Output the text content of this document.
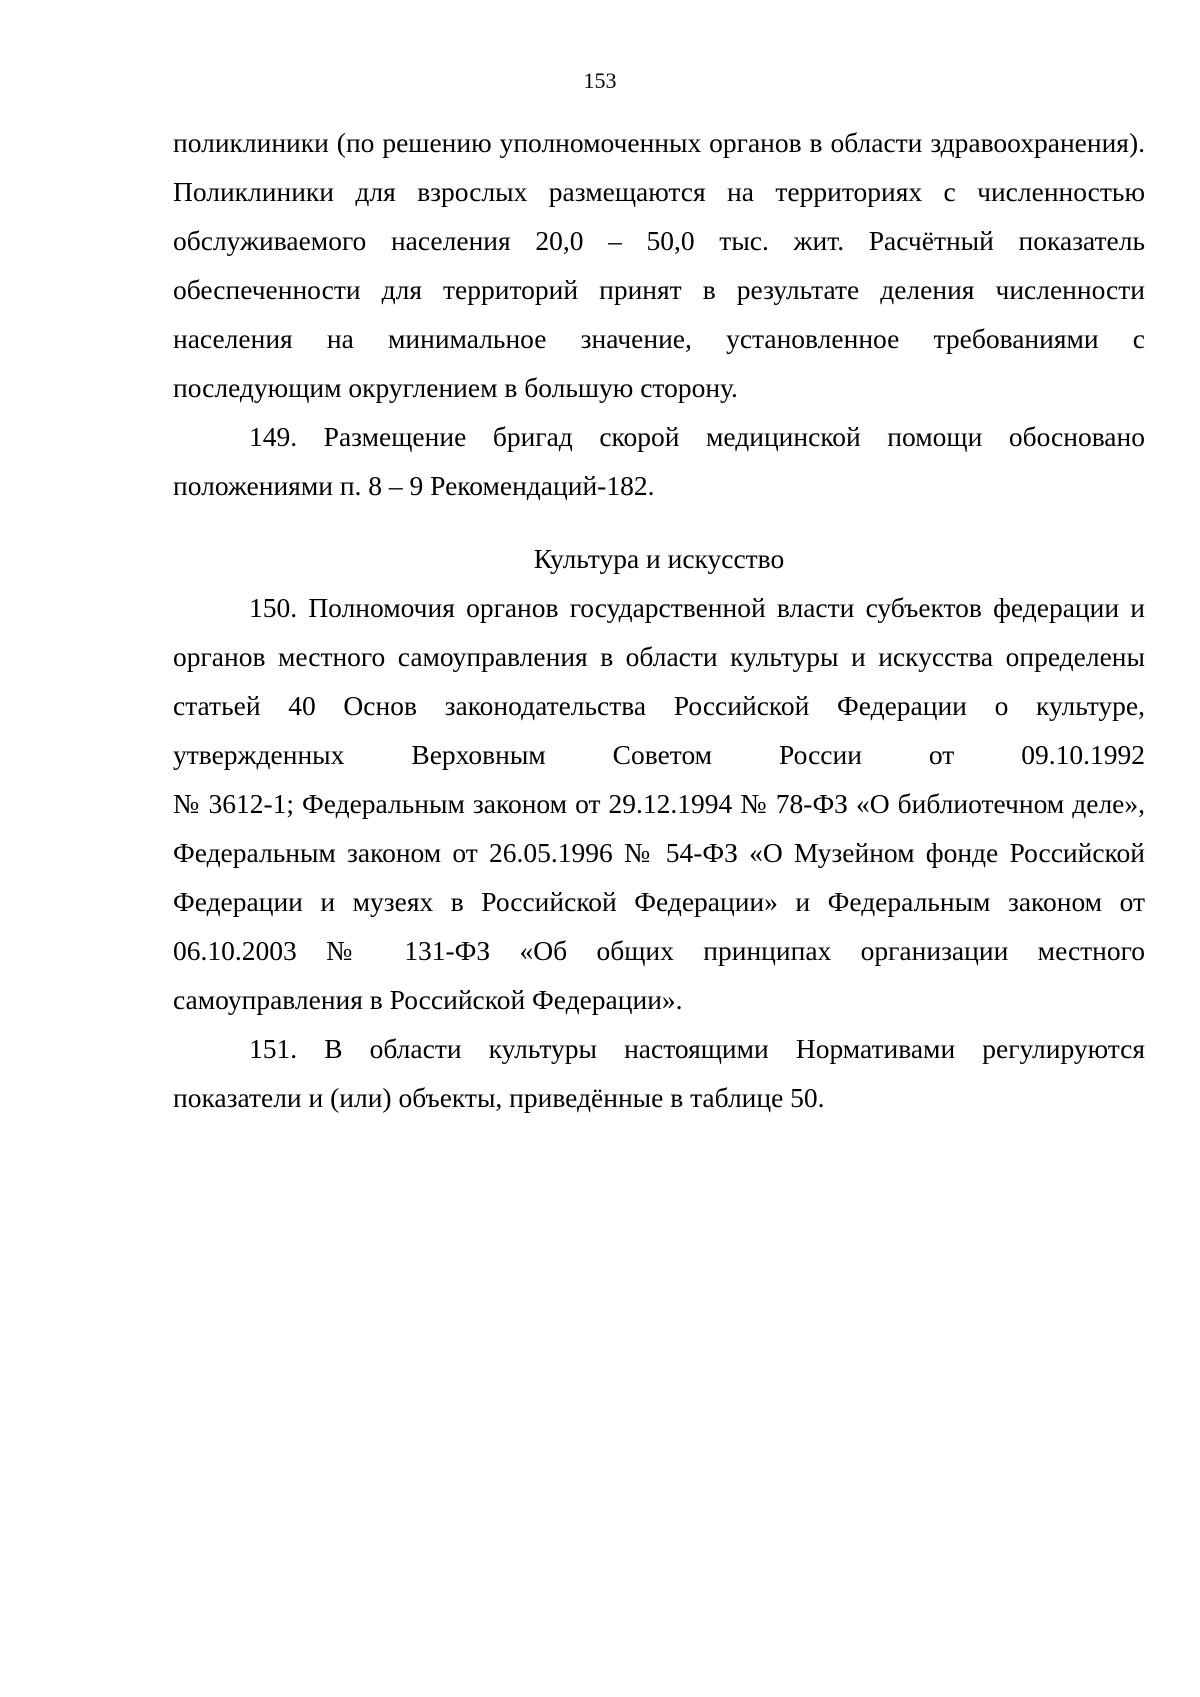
153

поликлиники (по решению уполномоченных органов в области здравоохранения). Поликлиники для взрослых размещаются на территориях с численностью обслуживаемого населения 20,0 – 50,0 тыс. жит. Расчётный показатель обеспеченности для территорий принят в результате деления численности населения на минимальное значение, установленное требованиями с последующим округлением в большую сторону.

149. Размещение бригад скорой медицинской помощи обосновано положениями п. 8 – 9 Рекомендаций-182.

Культура и искусство

150. Полномочия органов государственной власти субъектов федерации и органов местного самоуправления в области культуры и искусства определены статьей 40 Основ законодательства Российской Федерации о культуре, утвержденных Верховным Советом России от 09.10.1992

№ 3612-1; Федеральным законом от 29.12.1994 № 78-ФЗ «О библиотечном деле», Федеральным законом от 26.05.1996 № 54-ФЗ «О Музейном фонде Российской Федерации и музеях в Российской Федерации» и Федеральным законом от 06.10.2003 № 131-ФЗ «Об общих принципах организации местного самоуправления в Российской Федерации».

151. В области культуры настоящими Нормативами регулируются показатели и (или) объекты, приведённые в таблице 50.
